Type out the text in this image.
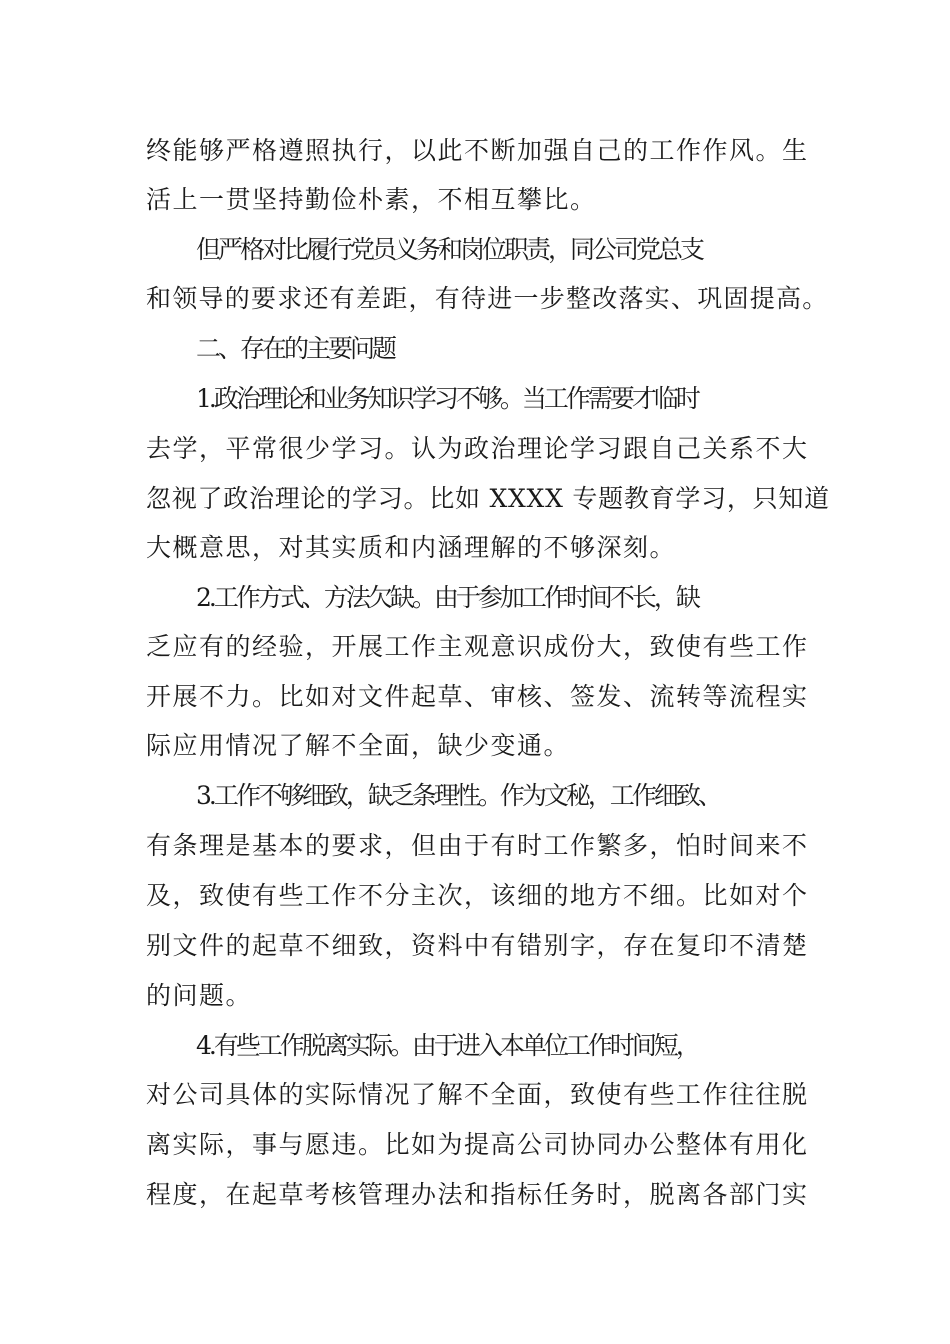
终能够严格遵照执行，以此不断加强自己的工作作风。生
活上一贯坚持勤俭朴素，不相互攀比。
但严格对比履行党员义务和岗位职责，同公司党总支
和领导的要求还有差距，有待进一步整改落实、巩固提高。
二、存在的主要问题
1.政治理论和业务知识学习不够。当工作需要才临时
去学，平常很少学习。认为政治理论学习跟自己关系不大
忽视了政治理论的学习。比如 XXXX 专题教育学习，只知道
大概意思，对其实质和内涵理解的不够深刻。
2.工作方式、方法欠缺。由于参加工作时间不长，缺
乏应有的经验，开展工作主观意识成份大，致使有些工作
开展不力。比如对文件起草、审核、签发、流转等流程实
际应用情况了解不全面，缺少变通。
3.工作不够细致，缺乏条理性。作为文秘，工作细致、
有条理是基本的要求，但由于有时工作繁多，怕时间来不
及，致使有些工作不分主次，该细的地方不细。比如对个
别文件的起草不细致，资料中有错别字，存在复印不清楚
的问题。
4.有些工作脱离实际。由于进入本单位工作时间短，
对公司具体的实际情况了解不全面，致使有些工作往往脱
离实际，事与愿违。比如为提高公司协同办公整体有用化
程度，在起草考核管理办法和指标任务时，脱离各部门实
